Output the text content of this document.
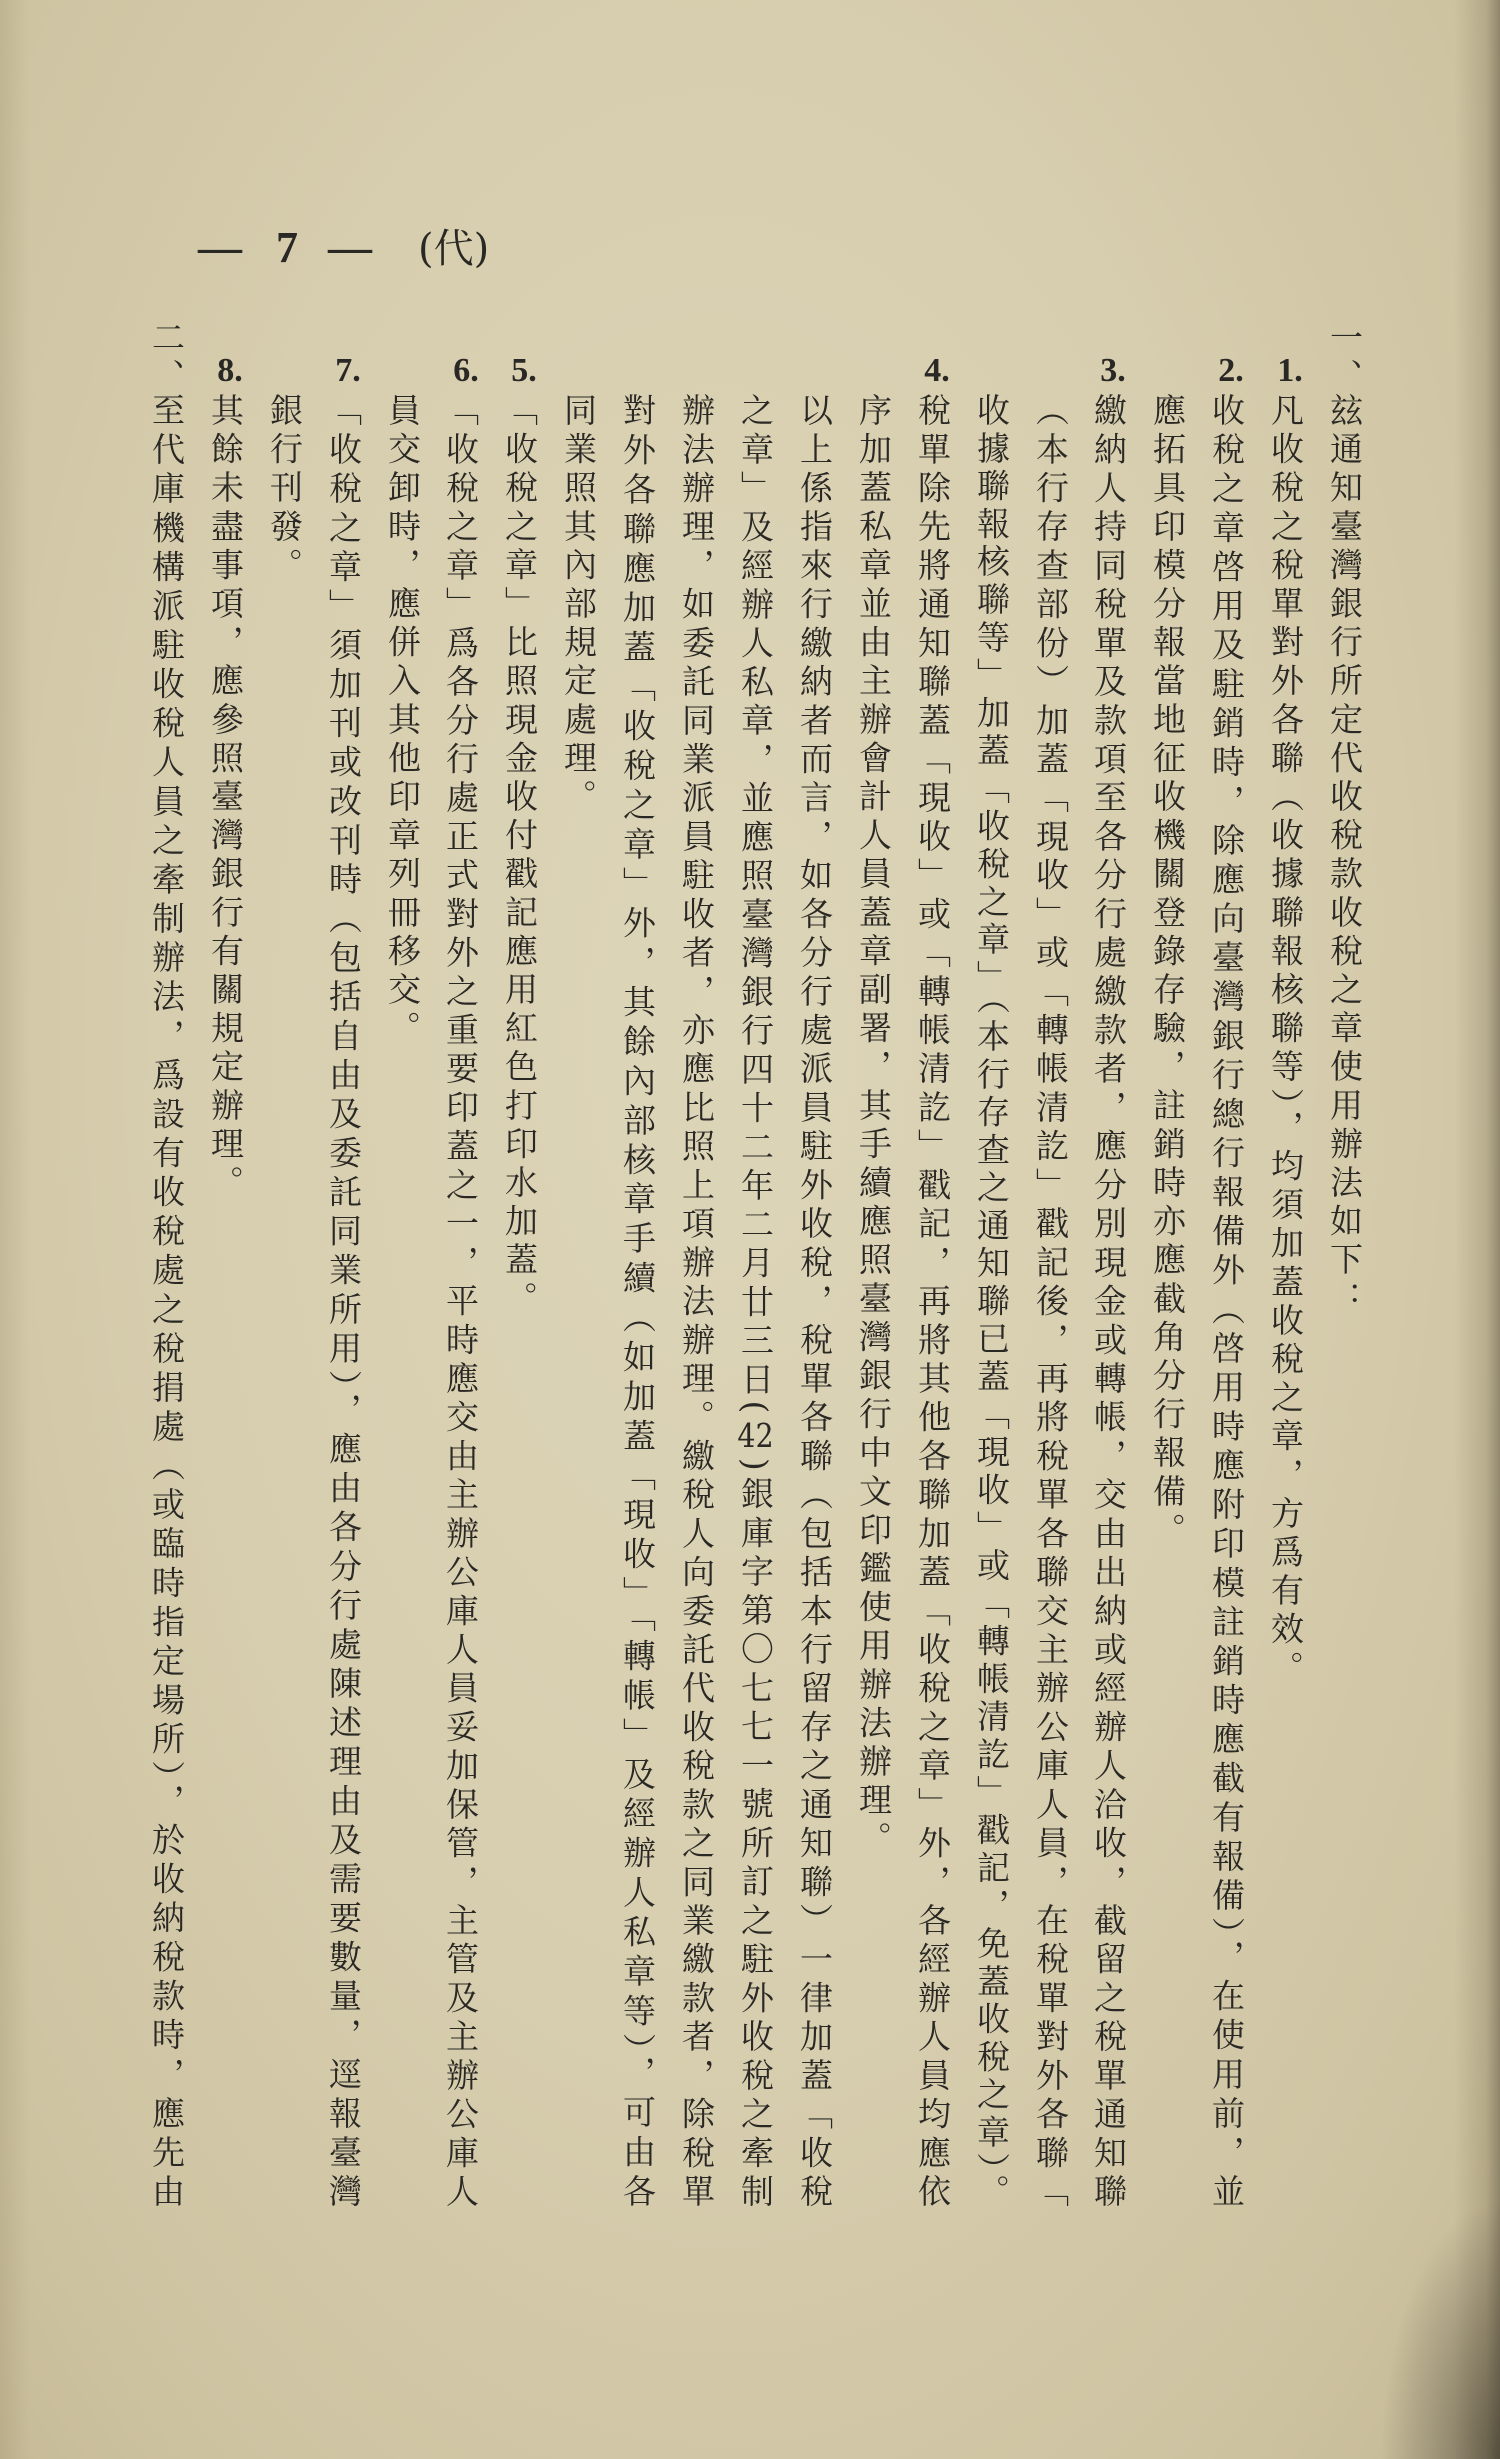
— 7 — (代)
一、
玆通知臺灣銀行所定代收稅款收稅之章使用辦法如下：
1.
凡收稅之稅單對外各聯（收據聯報核聯等），均須加蓋收稅之章，方爲有效。
2.
收稅之章啓用及駐銷時，除應向臺灣銀行總行報備外（啓用時應附印模註銷時應截有報備），在使用前，並
應拓具印模分報當地征收機關登錄存驗，註銷時亦應截角分行報備。
3.
繳納人持同稅單及款項至各分行處繳款者，應分別現金或轉帳，交由出納或經辦人洽收，截留之稅單通知聯
（本行存查部份）加蓋「現收」或「轉帳清訖」戳記後，再將稅單各聯交主辦公庫人員，在稅單對外各聯「
收據聯報核聯等」加蓋「收稅之章」（本行存查之通知聯已蓋「現收」或「轉帳清訖」戳記，免蓋收稅之章）。
4.
稅單除先將通知聯蓋「現收」或「轉帳清訖」戳記，再將其他各聯加蓋「收稅之章」外，各經辦人員均應依
序加蓋私章並由主辦會計人員蓋章副署，其手續應照臺灣銀行中文印鑑使用辦法辦理。
以上係指來行繳納者而言，如各分行處派員駐外收稅，稅單各聯（包括本行留存之通知聯）一律加蓋「收稅
之章」及經辦人私章，並應照臺灣銀行四十二年二月廿三日(42)銀庫字第〇七七一號所訂之駐外收稅之牽制
辦法辦理，如委託同業派員駐收者，亦應比照上項辦法辦理。繳稅人向委託代收稅款之同業繳款者，除稅單
對外各聯應加蓋「收稅之章」外，其餘內部核章手續（如加蓋「現收」「轉帳」及經辦人私章等），可由各
同業照其內部規定處理。
5.
「收稅之章」比照現金收付戳記應用紅色打印水加蓋。
6.
「收稅之章」爲各分行處正式對外之重要印蓋之一，平時應交由主辦公庫人員妥加保管，主管及主辦公庫人
員交卸時，應併入其他印章列冊移交。
7.
「收稅之章」須加刊或改刊時（包括自由及委託同業所用），應由各分行處陳述理由及需要數量，逕報臺灣
銀行刊發。
8.
其餘未盡事項，應參照臺灣銀行有關規定辦理。
二、
至代庫機構派駐收稅人員之牽制辦法，爲設有收稅處之稅捐處（或臨時指定場所），於收納稅款時，應先由
